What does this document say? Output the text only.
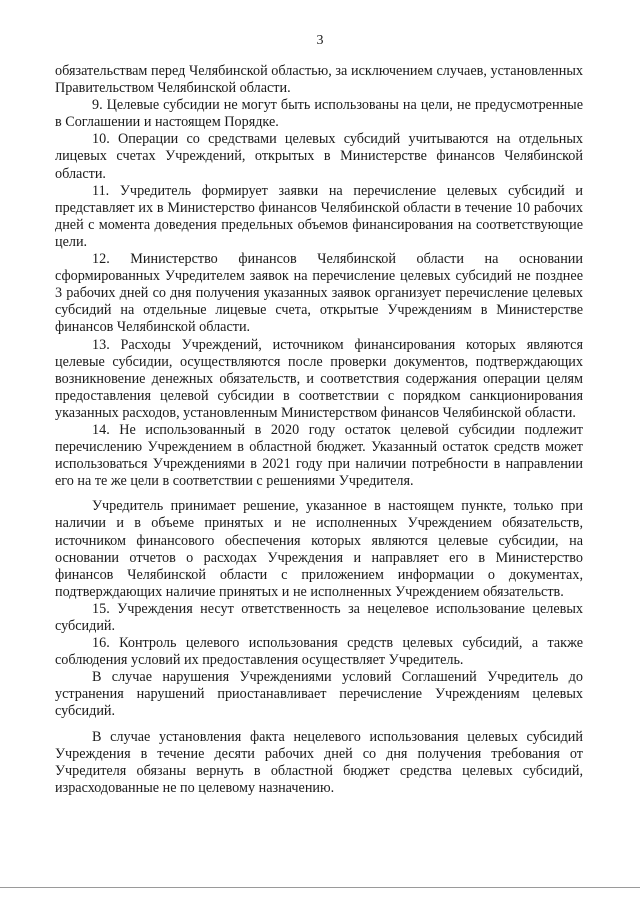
3

обязательствам перед Челябинской областью, за исключением случаев, установленных Правительством Челябинской области.

9. Целевые субсидии не могут быть использованы на цели, не предусмотренные в Соглашении и настоящем Порядке.

10. Операции со средствами целевых субсидий учитываются на отдельных лицевых счетах Учреждений, открытых в Министерстве финансов Челябинской области.

11. Учредитель формирует заявки на перечисление целевых субсидий и представляет их в Министерство финансов Челябинской области в течение 10 рабочих дней с момента доведения предельных объемов финансирования на соответствующие цели.

12. Министерство финансов Челябинской области на основании сформированных Учредителем заявок на перечисление целевых субсидий не позднее 3 рабочих дней со дня получения указанных заявок организует перечисление целевых субсидий на отдельные лицевые счета, открытые Учреждениям в Министерстве финансов Челябинской области.

13. Расходы Учреждений, источником финансирования которых являются целевые субсидии, осуществляются после проверки документов, подтверждающих возникновение денежных обязательств, и соответствия содержания операции целям предоставления целевой субсидии в соответствии с порядком санкционирования указанных расходов, установленным Министерством финансов Челябинской области.

14. Не использованный в 2020 году остаток целевой субсидии подлежит перечислению Учреждением в областной бюджет. Указанный остаток средств может использоваться Учреждениями в 2021 году при наличии потребности в направлении его на те же цели в соответствии с решениями Учредителя.

Учредитель принимает решение, указанное в настоящем пункте, только при наличии и в объеме принятых и не исполненных Учреждением обязательств, источником финансового обеспечения которых являются целевые субсидии, на основании отчетов о расходах Учреждения и направляет его в Министерство финансов Челябинской области с приложением информации о документах, подтверждающих наличие принятых и не исполненных Учреждением обязательств.

15. Учреждения несут ответственность за нецелевое использование целевых субсидий.

16. Контроль целевого использования средств целевых субсидий, а также соблюдения условий их предоставления осуществляет Учредитель.

В случае нарушения Учреждениями условий Соглашений Учредитель до устранения нарушений приостанавливает перечисление Учреждениям целевых субсидий.

В случае установления факта нецелевого использования целевых субсидий Учреждения в течение десяти рабочих дней со дня получения требования от Учредителя обязаны вернуть в областной бюджет средства целевых субсидий, израсходованные не по целевому назначению.
